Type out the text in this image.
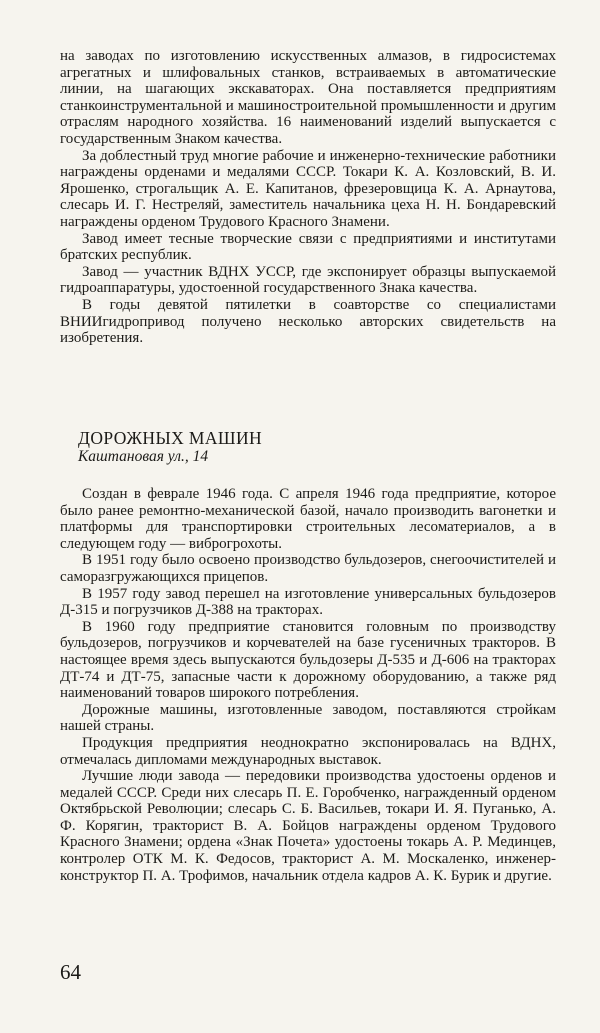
на заводах по изготовлению искусственных алмазов, в гидросистемах агрегатных и шлифовальных станков, встраиваемых в автоматические линии, на шагающих экскаваторах. Она поставляется предприятиям станкоинструментальной и машиностроительной промышленности и другим отраслям народного хозяйства. 16 наименований изделий выпускается с государственным Знаком качества.

За доблестный труд многие рабочие и инженерно-технические работники награждены орденами и медалями СССР. Токари К. А. Козловский, В. И. Ярошенко, строгальщик А. Е. Капитанов, фрезеровщица К. А. Арнаутова, слесарь И. Г. Нестреляй, заместитель начальника цеха Н. Н. Бондаревский награждены орденом Трудового Красного Знамени.

Завод имеет тесные творческие связи с предприятиями и институтами братских республик.

Завод — участник ВДНХ УССР, где экспонирует образцы выпускаемой гидроаппаратуры, удостоенной государственного Знака качества.

В годы девятой пятилетки в соавторстве со специалистами ВНИИгидропривод получено несколько авторских свидетельств на изобретения.

ДОРОЖНЫХ МАШИН

Каштановая ул., 14

Создан в феврале 1946 года. С апреля 1946 года предприятие, которое было ранее ремонтно-механической базой, начало производить вагонетки и платформы для транспортировки строительных лесоматериалов, а в следующем году — виброгрохоты.

В 1951 году было освоено производство бульдозеров, снегоочистителей и саморазгружающихся прицепов.

В 1957 году завод перешел на изготовление универсальных бульдозеров Д-315 и погрузчиков Д-388 на тракторах.

В 1960 году предприятие становится головным по производству бульдозеров, погрузчиков и корчевателей на базе гусеничных тракторов. В настоящее время здесь выпускаются бульдозеры Д-535 и Д-606 на тракторах ДТ-74 и ДТ-75, запасные части к дорожному оборудованию, а также ряд наименований товаров широкого потребления.

Дорожные машины, изготовленные заводом, поставляются стройкам нашей страны.

Продукция предприятия неоднократно экспонировалась на ВДНХ, отмечалась дипломами международных выставок.

Лучшие люди завода — передовики производства удостоены орденов и медалей СССР. Среди них слесарь П. Е. Горобченко, награжденный орденом Октябрьской Революции; слесарь С. Б. Васильев, токари И. Я. Пуганько, А. Ф. Корягин, тракторист В. А. Бойцов награждены орденом Трудового Красного Знамени; ордена «Знак Почета» удостоены токарь А. Р. Мединцев, контролер ОТК М. К. Федосов, тракторист А. М. Москаленко, инженер-конструктор П. А. Трофимов, начальник отдела кадров А. К. Бурик и другие.

64
